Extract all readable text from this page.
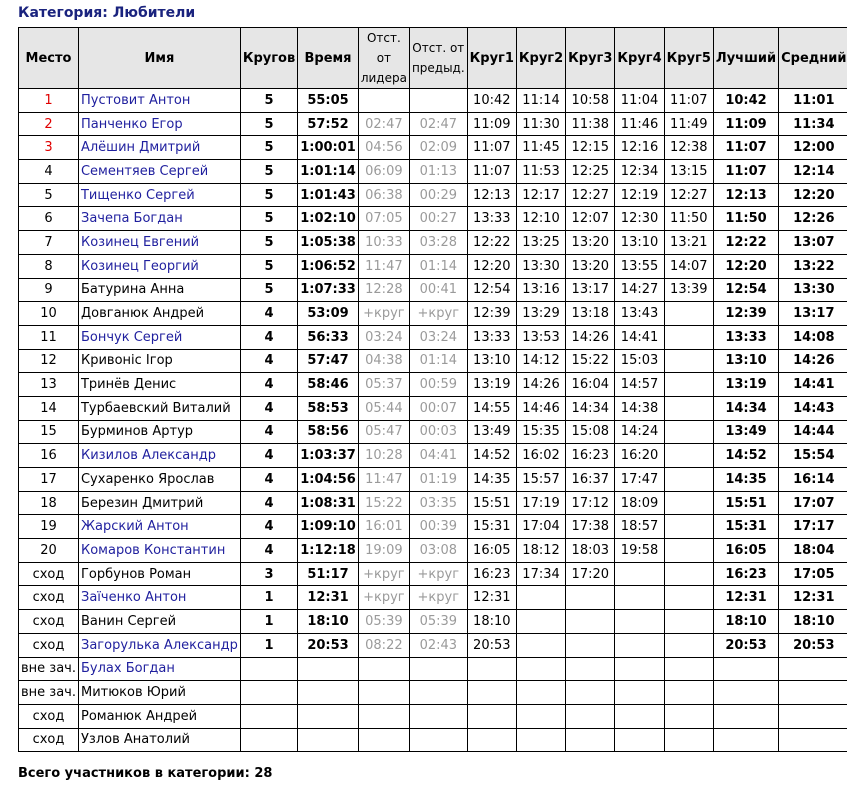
Категория: Любители
Место	Имя	Кругов	Время	Отст. от лидера	Отст. от предыд.	Круг1	Круг2	Круг3	Круг4	Круг5	Лучший	Средний
1	Пустовит Антон	5	55:05			10:42	11:14	10:58	11:04	11:07	10:42	11:01
2	Панченко Егор	5	57:52	02:47	02:47	11:09	11:30	11:38	11:46	11:49	11:09	11:34
3	Алёшин Дмитрий	5	1:00:01	04:56	02:09	11:07	11:45	12:15	12:16	12:38	11:07	12:00
4	Сементяев Сергей	5	1:01:14	06:09	01:13	11:07	11:53	12:25	12:34	13:15	11:07	12:14
5	Тищенко Сергей	5	1:01:43	06:38	00:29	12:13	12:17	12:27	12:19	12:27	12:13	12:20
6	Зачепа Богдан	5	1:02:10	07:05	00:27	13:33	12:10	12:07	12:30	11:50	11:50	12:26
7	Козинец Евгений	5	1:05:38	10:33	03:28	12:22	13:25	13:20	13:10	13:21	12:22	13:07
8	Козинец Георгий	5	1:06:52	11:47	01:14	12:20	13:30	13:20	13:55	14:07	12:20	13:22
9	Батурина Анна	5	1:07:33	12:28	00:41	12:54	13:16	13:17	14:27	13:39	12:54	13:30
10	Довганюк Андрей	4	53:09	+круг	+круг	12:39	13:29	13:18	13:43		12:39	13:17
11	Бончук Сергей	4	56:33	03:24	03:24	13:33	13:53	14:26	14:41		13:33	14:08
12	Кривоніс Ігор	4	57:47	04:38	01:14	13:10	14:12	15:22	15:03		13:10	14:26
13	Тринёв Денис	4	58:46	05:37	00:59	13:19	14:26	16:04	14:57		13:19	14:41
14	Турбаевский Виталий	4	58:53	05:44	00:07	14:55	14:46	14:34	14:38		14:34	14:43
15	Бурминов Артур	4	58:56	05:47	00:03	13:49	15:35	15:08	14:24		13:49	14:44
16	Кизилов Александр	4	1:03:37	10:28	04:41	14:52	16:02	16:23	16:20		14:52	15:54
17	Сухаренко Ярослав	4	1:04:56	11:47	01:19	14:35	15:57	16:37	17:47		14:35	16:14
18	Березин Дмитрий	4	1:08:31	15:22	03:35	15:51	17:19	17:12	18:09		15:51	17:07
19	Жарский Антон	4	1:09:10	16:01	00:39	15:31	17:04	17:38	18:57		15:31	17:17
20	Комаров Константин	4	1:12:18	19:09	03:08	16:05	18:12	18:03	19:58		16:05	18:04
сход	Горбунов Роман	3	51:17	+круг	+круг	16:23	17:34	17:20			16:23	17:05
сход	Заїченко Антон	1	12:31	+круг	+круг	12:31					12:31	12:31
сход	Ванин Сергей	1	18:10	05:39	05:39	18:10					18:10	18:10
сход	Загорулька Александр	1	20:53	08:22	02:43	20:53					20:53	20:53
вне зач.	Булах Богдан											
вне зач.	Митюков Юрий											
сход	Романюк Андрей											
сход	Узлов Анатолий											
Всего участников в категории: 28
